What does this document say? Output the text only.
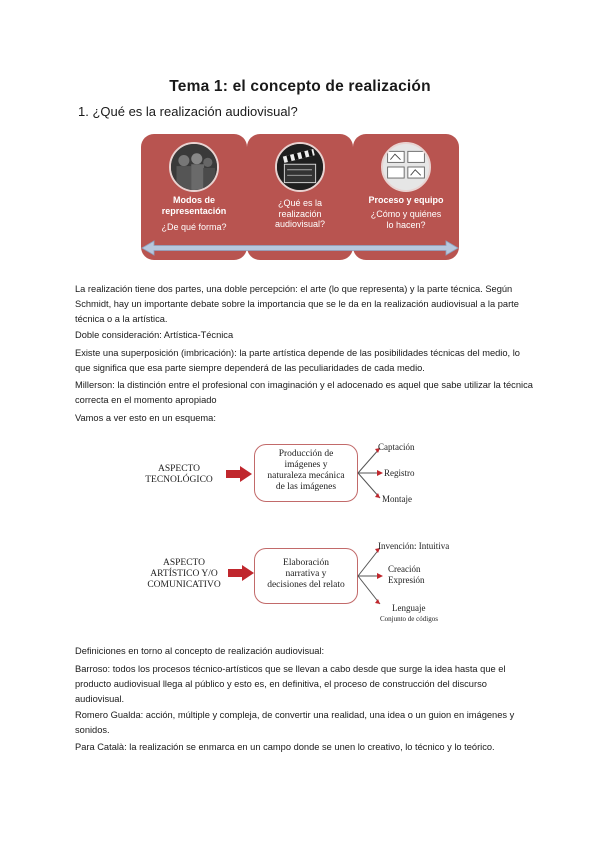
Tema 1: el concepto de realización
1. ¿Qué es la realización audiovisual?
Modos de representación
¿De qué forma?
¿Qué es la realización audiovisual?
Proceso y equipo
¿Cómo y quiénes lo hacen?
La realización tiene dos partes, una doble percepción: el arte (lo que representa) y la parte técnica. Según Schmidt, hay un importante debate sobre la importancia que se le da en la realización audiovisual a la parte técnica o a la artística.
Doble consideración: Artística-Técnica
Existe una superposición (imbricación): la parte artística depende de las posibilidades técnicas del medio, lo que significa que esa parte siempre dependerá de las peculiaridades de cada medio.
Millerson: la distinción entre el profesional con imaginación y el adocenado es aquel que sabe utilizar la técnica correcta en el momento apropiado
Vamos a ver esto en un esquema:
ASPECTO
TECNOLÓGICO
Producción de
imágenes y
naturaleza mecánica
de las imágenes
Captación
Registro
Montaje
ASPECTO
ARTÍSTICO Y/O
COMUNICATIVO
Elaboración
narrativa y
decisiones del relato
Invención: Intuitiva
Creación
Expresión
Lenguaje
Conjunto de códigos
Definiciones en torno al concepto de realización audiovisual:
Barroso: todos los procesos técnico-artísticos que se llevan a cabo desde que surge la idea hasta que el producto audiovisual llega al público y esto es, en definitiva, el proceso de construcción del discurso audiovisual.
Romero Gualda: acción, múltiple y compleja, de convertir una realidad, una idea o un guion en imágenes y sonidos.
Para Català: la realización se enmarca en un campo donde se unen lo creativo, lo técnico y lo teórico.
